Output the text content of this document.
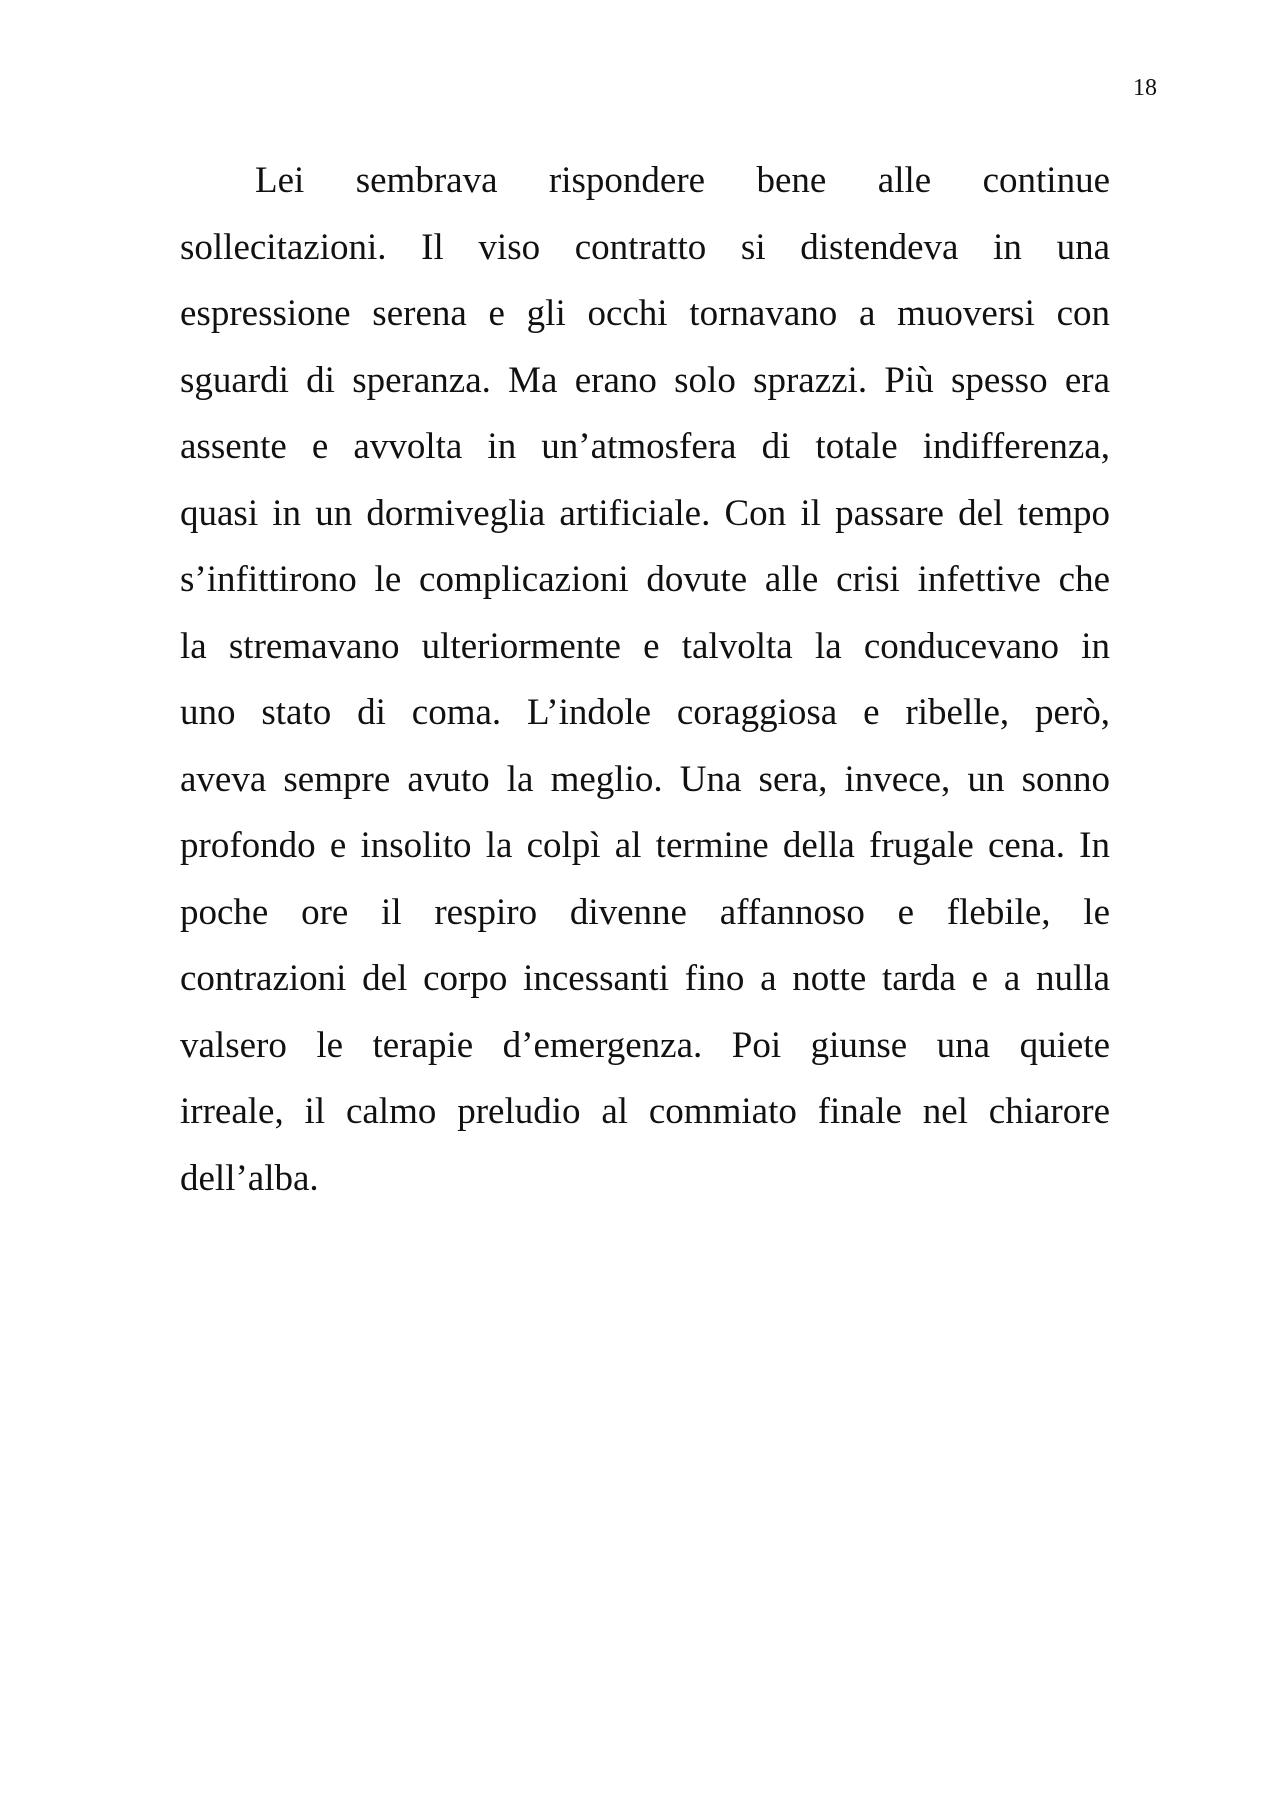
18
Lei sembrava rispondere bene alle continue
sollecitazioni. Il viso contratto si distendeva in una
espressione serena e gli occhi tornavano a muoversi con
sguardi di speranza. Ma erano solo sprazzi. Più spesso era
assente e avvolta in un’atmosfera di totale indifferenza,
quasi in un dormiveglia artificiale. Con il passare del tempo
s’infittirono le complicazioni dovute alle crisi infettive che
la stremavano ulteriormente e talvolta la conducevano in
uno stato di coma. L’indole coraggiosa e ribelle, però,
aveva sempre avuto la meglio. Una sera, invece, un sonno
profondo e insolito la colpì al termine della frugale cena. In
poche ore il respiro divenne affannoso e flebile, le
contrazioni del corpo incessanti fino a notte tarda e a nulla
valsero le terapie d’emergenza. Poi giunse una quiete
irreale, il calmo preludio al commiato finale nel chiarore
dell’alba.
